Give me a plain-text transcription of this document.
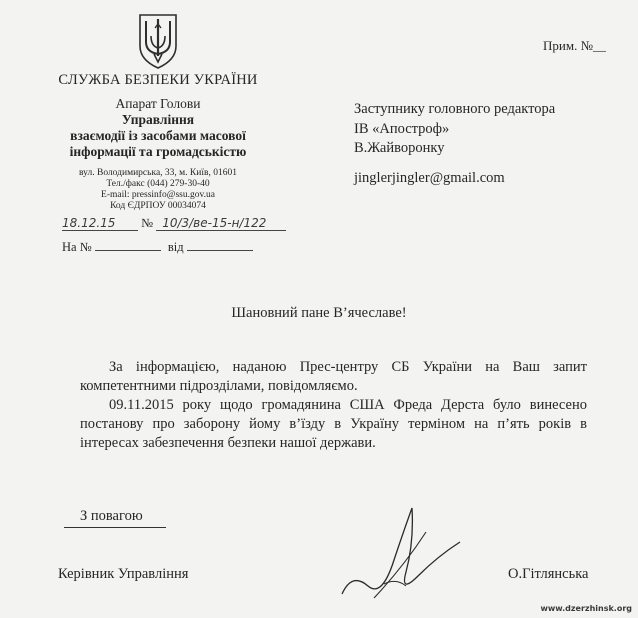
СЛУЖБА БЕЗПЕКИ УКРАЇНИ
Апарат Голови
Управління
взаємодії із засобами масової
інформації та громадськістю
вул. Володимирська, 33, м. Київ, 01601
Тел./факс (044) 279-30-40
E-mail: pressinfo@ssu.gov.ua
Код ЄДРПОУ 00034074
18.12.15 № 10/3/ве-15-н/122
На №	від
Прим. №__
Заступнику головного редактора
ІВ «Апостроф»
В.Жайворонку
jinglerjingler@gmail.com
Шановний пане В’ячеславе!

За інформацією, наданою Прес-центру СБ України на Ваш запит компетентними підрозділами, повідомляємо.

09.11.2015 року щодо громадянина США Фреда Дерста було винесено постанову про заборону йому в’їзду в Україну терміном на п’ять років в інтересах забезпечення безпеки нашої держави.

З повагою
Керівник Управління	О.Гітлянська
www.dzerzhinsk.org
